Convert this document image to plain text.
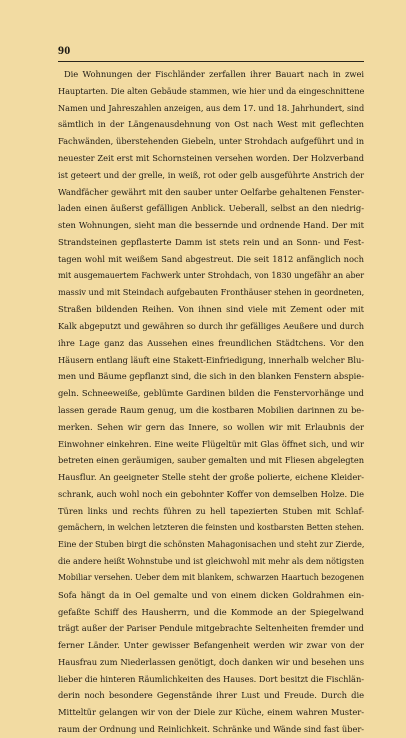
90
Die Wohnungen der Fischländer zerfallen ihrer Bauart nach in zwei
Hauptarten. Die alten Gebäude stammen, wie hier und da eingeschnittene
Namen und Jahreszahlen anzeigen, aus dem 17. und 18. Jahrhundert, sind
sämtlich in der Längenausdehnung von Ost nach West mit geflechten
Fachwänden, überstehenden Giebeln, unter Strohdach aufgeführt und in
neuester Zeit erst mit Schornsteinen versehen worden. Der Holzverband
ist geteert und der grelle, in weiß, rot oder gelb ausgeführte Anstrich der
Wandfächer gewährt mit den sauber unter Oelfarbe gehaltenen Fenster-
laden einen äußerst gefälligen Anblick. Ueberall, selbst an den niedrig-
sten Wohnungen, sieht man die bessernde und ordnende Hand. Der mit
Strandsteinen gepflasterte Damm ist stets rein und an Sonn- und Fest-
tagen wohl mit weißem Sand abgestreut. Die seit 1812 anfänglich noch
mit ausgemauertem Fachwerk unter Strohdach, von 1830 ungefähr an aber
massiv und mit Steindach aufgebauten Fronthäuser stehen in geordneten,
Straßen bildenden Reihen. Von ihnen sind viele mit Zement oder mit
Kalk abgeputzt und gewähren so durch ihr gefälliges Aeußere und durch
ihre Lage ganz das Aussehen eines freundlichen Städtchens. Vor den
Häusern entlang läuft eine Stakett-Einfriedigung, innerhalb welcher Blu-
men und Bäume gepflanzt sind, die sich in den blanken Fenstern abspie-
geln. Schneeweiße, geblümte Gardinen bilden die Fenstervorhänge und
lassen gerade Raum genug, um die kostbaren Mobilien darinnen zu be-
merken. Sehen wir gern das Innere, so wollen wir mit Erlaubnis der
Einwohner einkehren. Eine weite Flügeltür mit Glas öffnet sich, und wir
betreten einen geräumigen, sauber gemalten und mit Fliesen abgelegten
Hausflur. An geeigneter Stelle steht der große polierte, eichene Kleider-
schrank, auch wohl noch ein gebohnter Koffer von demselben Holze. Die
Türen links und rechts führen zu hell tapezierten Stuben mit Schlaf-
gemächern, in welchen letzteren die feinsten und kostbarsten Betten stehen.
Eine der Stuben birgt die schönsten Mahagonisachen und steht zur Zierde,
die andere heißt Wohnstube und ist gleichwohl mit mehr als dem nötigsten
Mobiliar versehen. Ueber dem mit blankem, schwarzen Haartuch bezogenen
Sofa hängt da in Oel gemalte und von einem dicken Goldrahmen ein-
gefaßte Schiff des Hausherrn, und die Kommode an der Spiegelwand
trägt außer der Pariser Pendule mitgebrachte Seltenheiten fremder und
ferner Länder. Unter gewisser Befangenheit werden wir zwar von der
Hausfrau zum Niederlassen genötigt, doch danken wir und besehen uns
lieber die hinteren Räumlichkeiten des Hauses. Dort besitzt die Fischlän-
derin noch besondere Gegenstände ihrer Lust und Freude. Durch die
Mitteltür gelangen wir von der Diele zur Küche, einem wahren Muster-
raum der Ordnung und Reinlichkeit. Schränke und Wände sind fast über-
